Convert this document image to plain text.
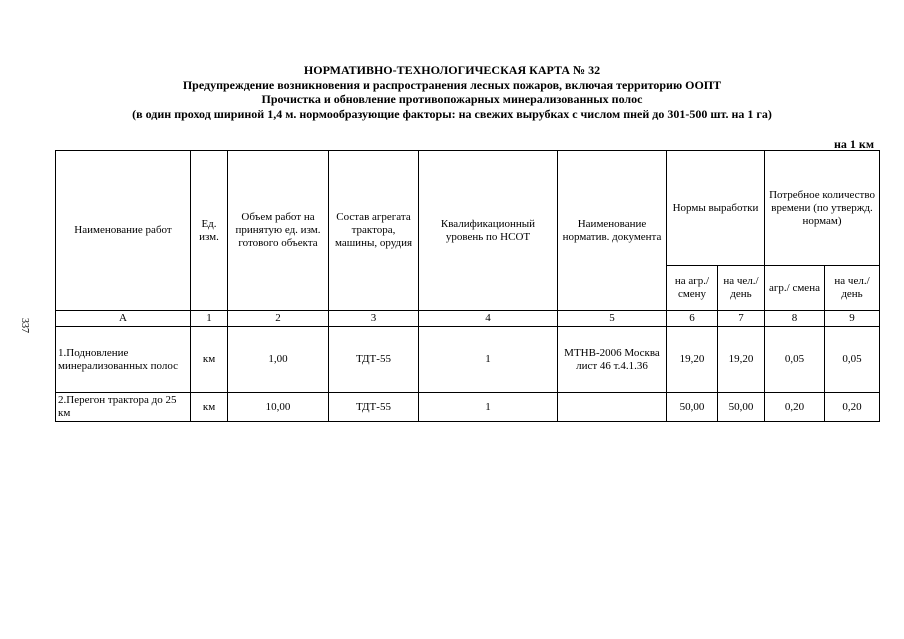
НОРМАТИВНО-ТЕХНОЛОГИЧЕСКАЯ КАРТА № 32
Предупреждение возникновения и распространения лесных пожаров, включая территорию ООПТ
Прочистка и обновление противопожарных минерализованных полос
(в один проход шириной 1,4 м. нормообразующие факторы: на свежих вырубках с числом пней до 301-500 шт. на 1 га)
на 1 км
337
Наименование работ	Ед. изм.	Объем работ на принятую ед. изм. готового объекта	Состав агрегата трактора, машины, орудия	Квалификационный уровень по НСОТ	Наименование норматив. документа	Нормы выработки		Потребное количество времени (по утвержд. нормам)	
						на агр./ смену	на чел./ день	агр./ смена	на чел./ день
А	1	2	3	4	5	6	7	8	9
1.Подновление минерализованных полос	км	1,00	ТДТ-55	1	МТНВ-2006 Москва лист 46 т.4.1.36	19,20	19,20	0,05	0,05
2.Перегон трактора до 25 км	км	10,00	ТДТ-55	1		50,00	50,00	0,20	0,20
